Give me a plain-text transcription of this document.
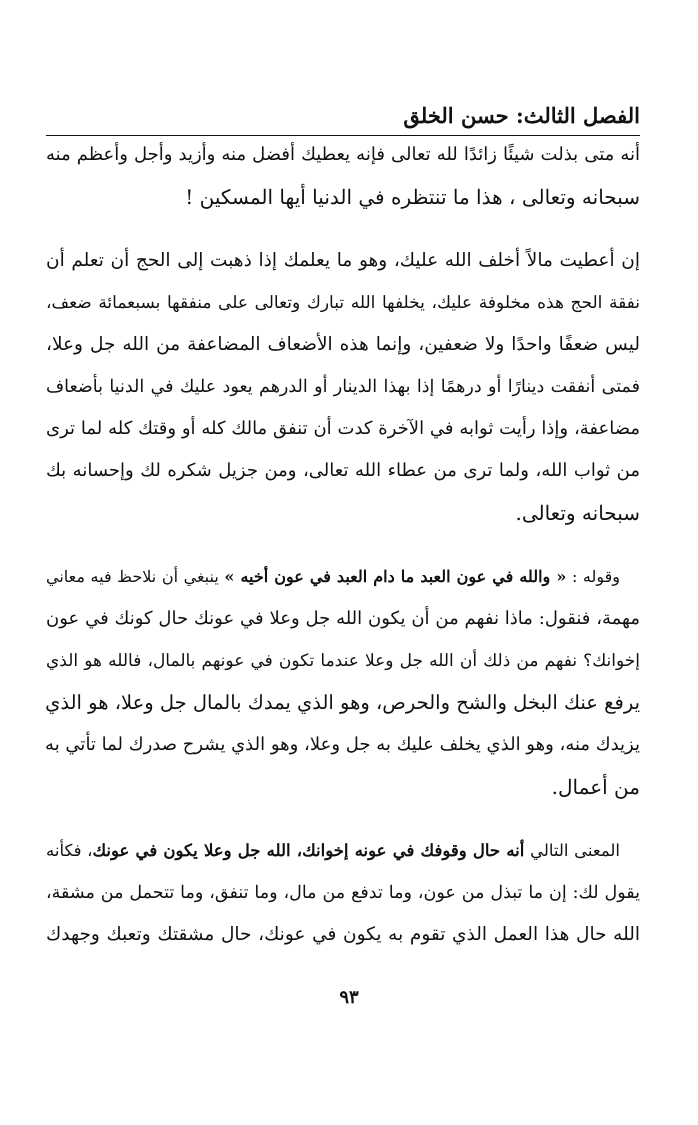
الفصل الثالث: حسن الخلق
أنه متى بذلت شيئًا زائدًا لله تعالى فإنه يعطيك أفضل منه وأزيد وأجل وأعظم منه
سبحانه وتعالى ، هذا ما تنتظره في الدنيا أيها المسكين !
إن أعطيت مالاً أخلف الله عليك، وهو ما يعلمك إذا ذهبت إلى الحج أن تعلم أن
نفقة الحج هذه مخلوفة عليك، يخلفها الله تبارك وتعالى على منفقها بسبعمائة ضعف،
ليس ضعفًا واحدًا ولا ضعفين، وإنما هذه الأضعاف المضاعفة من الله جل وعلا،
فمتى أنفقت دينارًا أو درهمًا إذا بهذا الدينار أو الدرهم يعود عليك في الدنيا بأضعاف
مضاعفة، وإذا رأيت ثوابه في الآخرة كدت أن تنفق مالك كله أو وقتك كله لما ترى
من ثواب الله، ولما ترى من عطاء الله تعالى، ومن جزيل شكره لك وإحسانه بك
سبحانه وتعالى.
وقوله : « والله في عون العبد ما دام العبد في عون أخيه » ينبغي أن نلاحظ فيه معاني
مهمة، فنقول: ماذا نفهم من أن يكون الله جل وعلا في عونك حال كونك في عون
إخوانك؟ نفهم من ذلك أن الله جل وعلا عندما تكون في عونهم بالمال، فالله هو الذي
يرفع عنك البخل والشح والحرص، وهو الذي يمدك بالمال جل وعلا، هو الذي
يزيدك منه، وهو الذي يخلف عليك به جل وعلا، وهو الذي يشرح صدرك لما تأتي به
من أعمال.
المعنى التالي أنه حال وقوفك في عونه إخوانك، الله جل وعلا يكون في عونك، فكأنه
يقول لك: إن ما تبذل من عون، وما تدفع من مال، وما تنفق، وما تتحمل من مشقة،
الله حال هذا العمل الذي تقوم به يكون في عونك، حال مشقتك وتعبك وجهدك
٩٣
